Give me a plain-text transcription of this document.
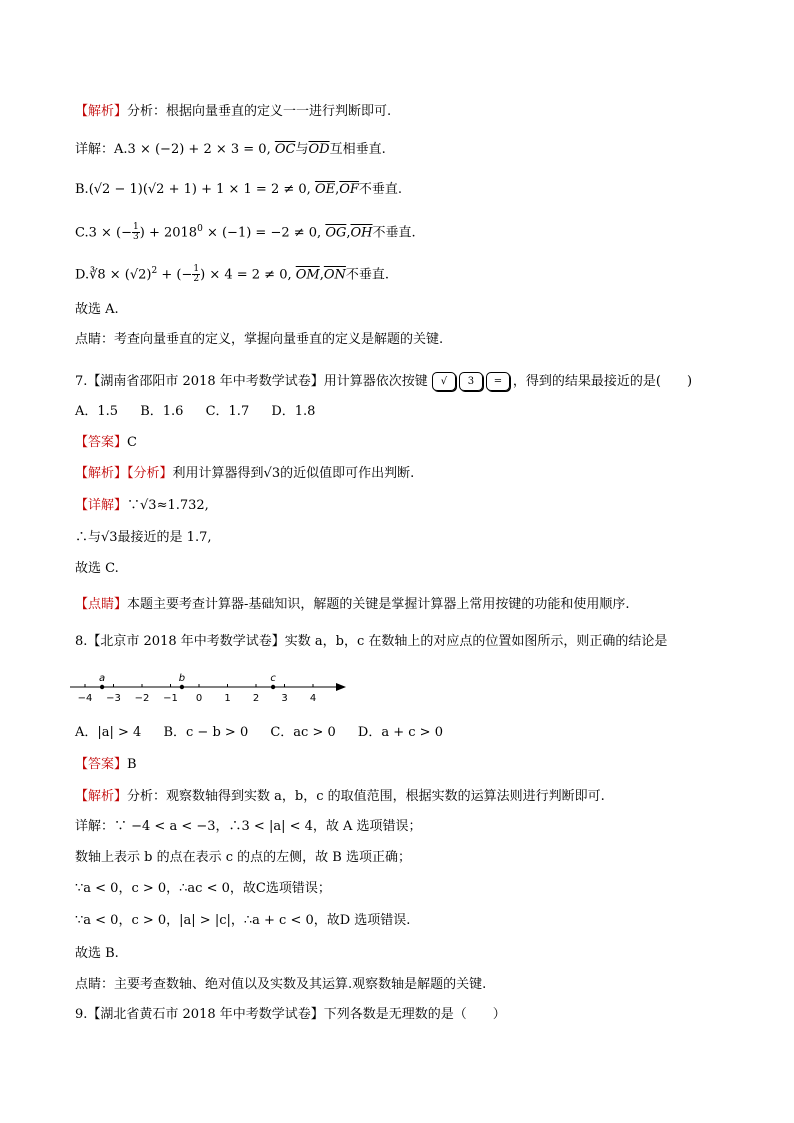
【解析】分析：根据向量垂直的定义一一进行判断即可.
详解：A.3 × (−2) + 2 × 3 = 0, $\overline{OC}$与$\overline{OD}$互相垂直.
B.(√2 − 1)(√2 + 1) + 1 × 1 = 2 ≠ 0, $\overline{OE},\overline{OF}$不垂直.
C.3 × (− $\frac{1}{3}$ ) + $2018^0 \times (-1) = -2 \ne 0$, $\overline{OG},\overline{OH}$不垂直.
D.∛8 × $(√2)^2$ + (− $\frac{1}{2}$ ) × 4 = 2 ≠ 0, $\overline{OM},\overline{ON}$不垂直.
故选 A.
点睛：考查向量垂直的定义，掌握向量垂直的定义是解题的关键.
7.【湖南省邵阳市 2018 年中考数学试卷】用计算器依次按键 √ 3 = ，得到的结果最接近的是(　　)
A．1.5 B．1.6 C．1.7 D．1.8
【答案】C
【解析】【分析】利用计算器得到√3的近似值即可作出判断.
【详解】∵√3≈1.732,
∴与√3最接近的是 1.7,
故选 C.
【点睛】本题主要考查计算器-基础知识，解题的关键是掌握计算器上常用按键的功能和使用顺序.
8.【北京市 2018 年中考数学试卷】实数 a，b，c 在数轴上的对应点的位置如图所示，则正确的结论是
−4 −3 −2 −1 0 1 2 3 4
a	b	c
A．|a| > 4 B．c − b > 0 C．ac > 0 D．a + c > 0
【答案】B
【解析】分析：观察数轴得到实数 a，b，c 的取值范围，根据实数的运算法则进行判断即可.
详解：∵ −4 < a < −3，∴3 < |a| < 4，故 A 选项错误；
数轴上表示 b 的点在表示 c 的点的左侧，故 B 选项正确；
∵a < 0，c > 0，∴ac < 0，故C选项错误；
∵a < 0，c > 0，|a| > |c|，∴a + c < 0，故D 选项错误.
故选 B.
点睛：主要考查数轴、绝对值以及实数及其运算.观察数轴是解题的关键.
9.【湖北省黄石市 2018 年中考数学试卷】下列各数是无理数的是（　　）
